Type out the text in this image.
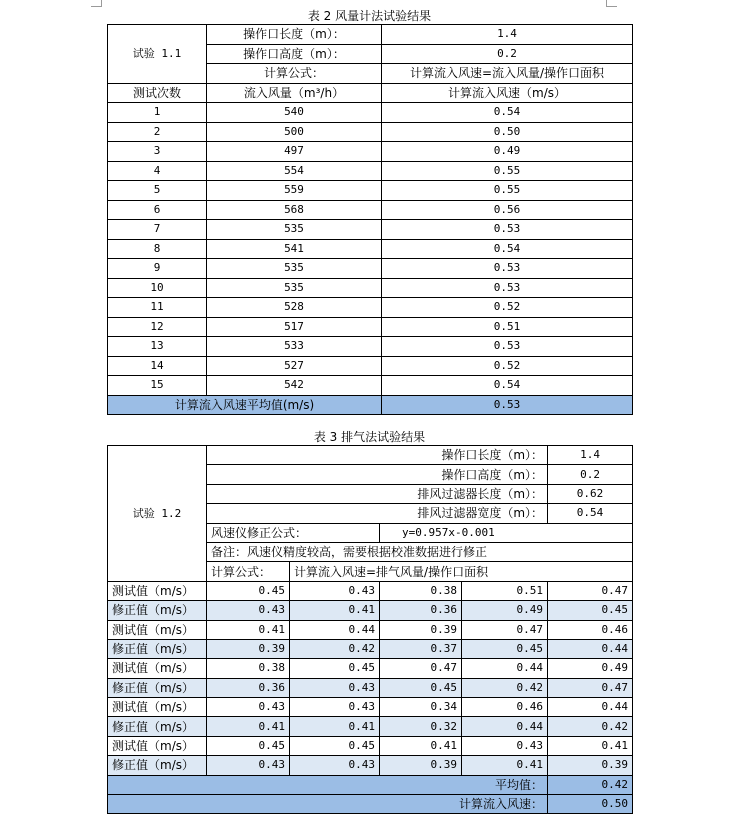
表 2 风量计法试验结果
试验 1.1	操作口长度（m）：	1.4
	操作口高度（m）：	0.2
	计算公式：	计算流入风速=流入风量/操作口面积
测试次数	流入风量（m³/h）	计算流入风速（m/s）
1	540	0.54
2	500	0.50
3	497	0.49
4	554	0.55
5	559	0.55
6	568	0.56
7	535	0.53
8	541	0.54
9	535	0.53
10	535	0.53
11	528	0.52
12	517	0.51
13	533	0.53
14	527	0.52
15	542	0.54
计算流入风速平均值(m/s)		0.53
表 3 排气法试验结果
试验 1.2	操作口长度（m）：				1.4
	操作口高度（m）：				0.2
	排风过滤器长度（m）：				0.62
	排风过滤器宽度（m）：				0.54
	风速仪修正公式：		y=0.957x-0.001		
	备注：风速仪精度较高，需要根据校准数据进行修正				
	计算公式：	计算流入风速=排气风量/操作口面积			
测试值（m/s）	0.45	0.43	0.38	0.51	0.47
修正值（m/s）	0.43	0.41	0.36	0.49	0.45
测试值（m/s）	0.41	0.44	0.39	0.47	0.46
修正值（m/s）	0.39	0.42	0.37	0.45	0.44
测试值（m/s）	0.38	0.45	0.47	0.44	0.49
修正值（m/s）	0.36	0.43	0.45	0.42	0.47
测试值（m/s）	0.43	0.43	0.34	0.46	0.44
修正值（m/s）	0.41	0.41	0.32	0.44	0.42
测试值（m/s）	0.45	0.45	0.41	0.43	0.41
修正值（m/s）	0.43	0.43	0.39	0.41	0.39
平均值：					0.42
计算流入风速：					0.50
